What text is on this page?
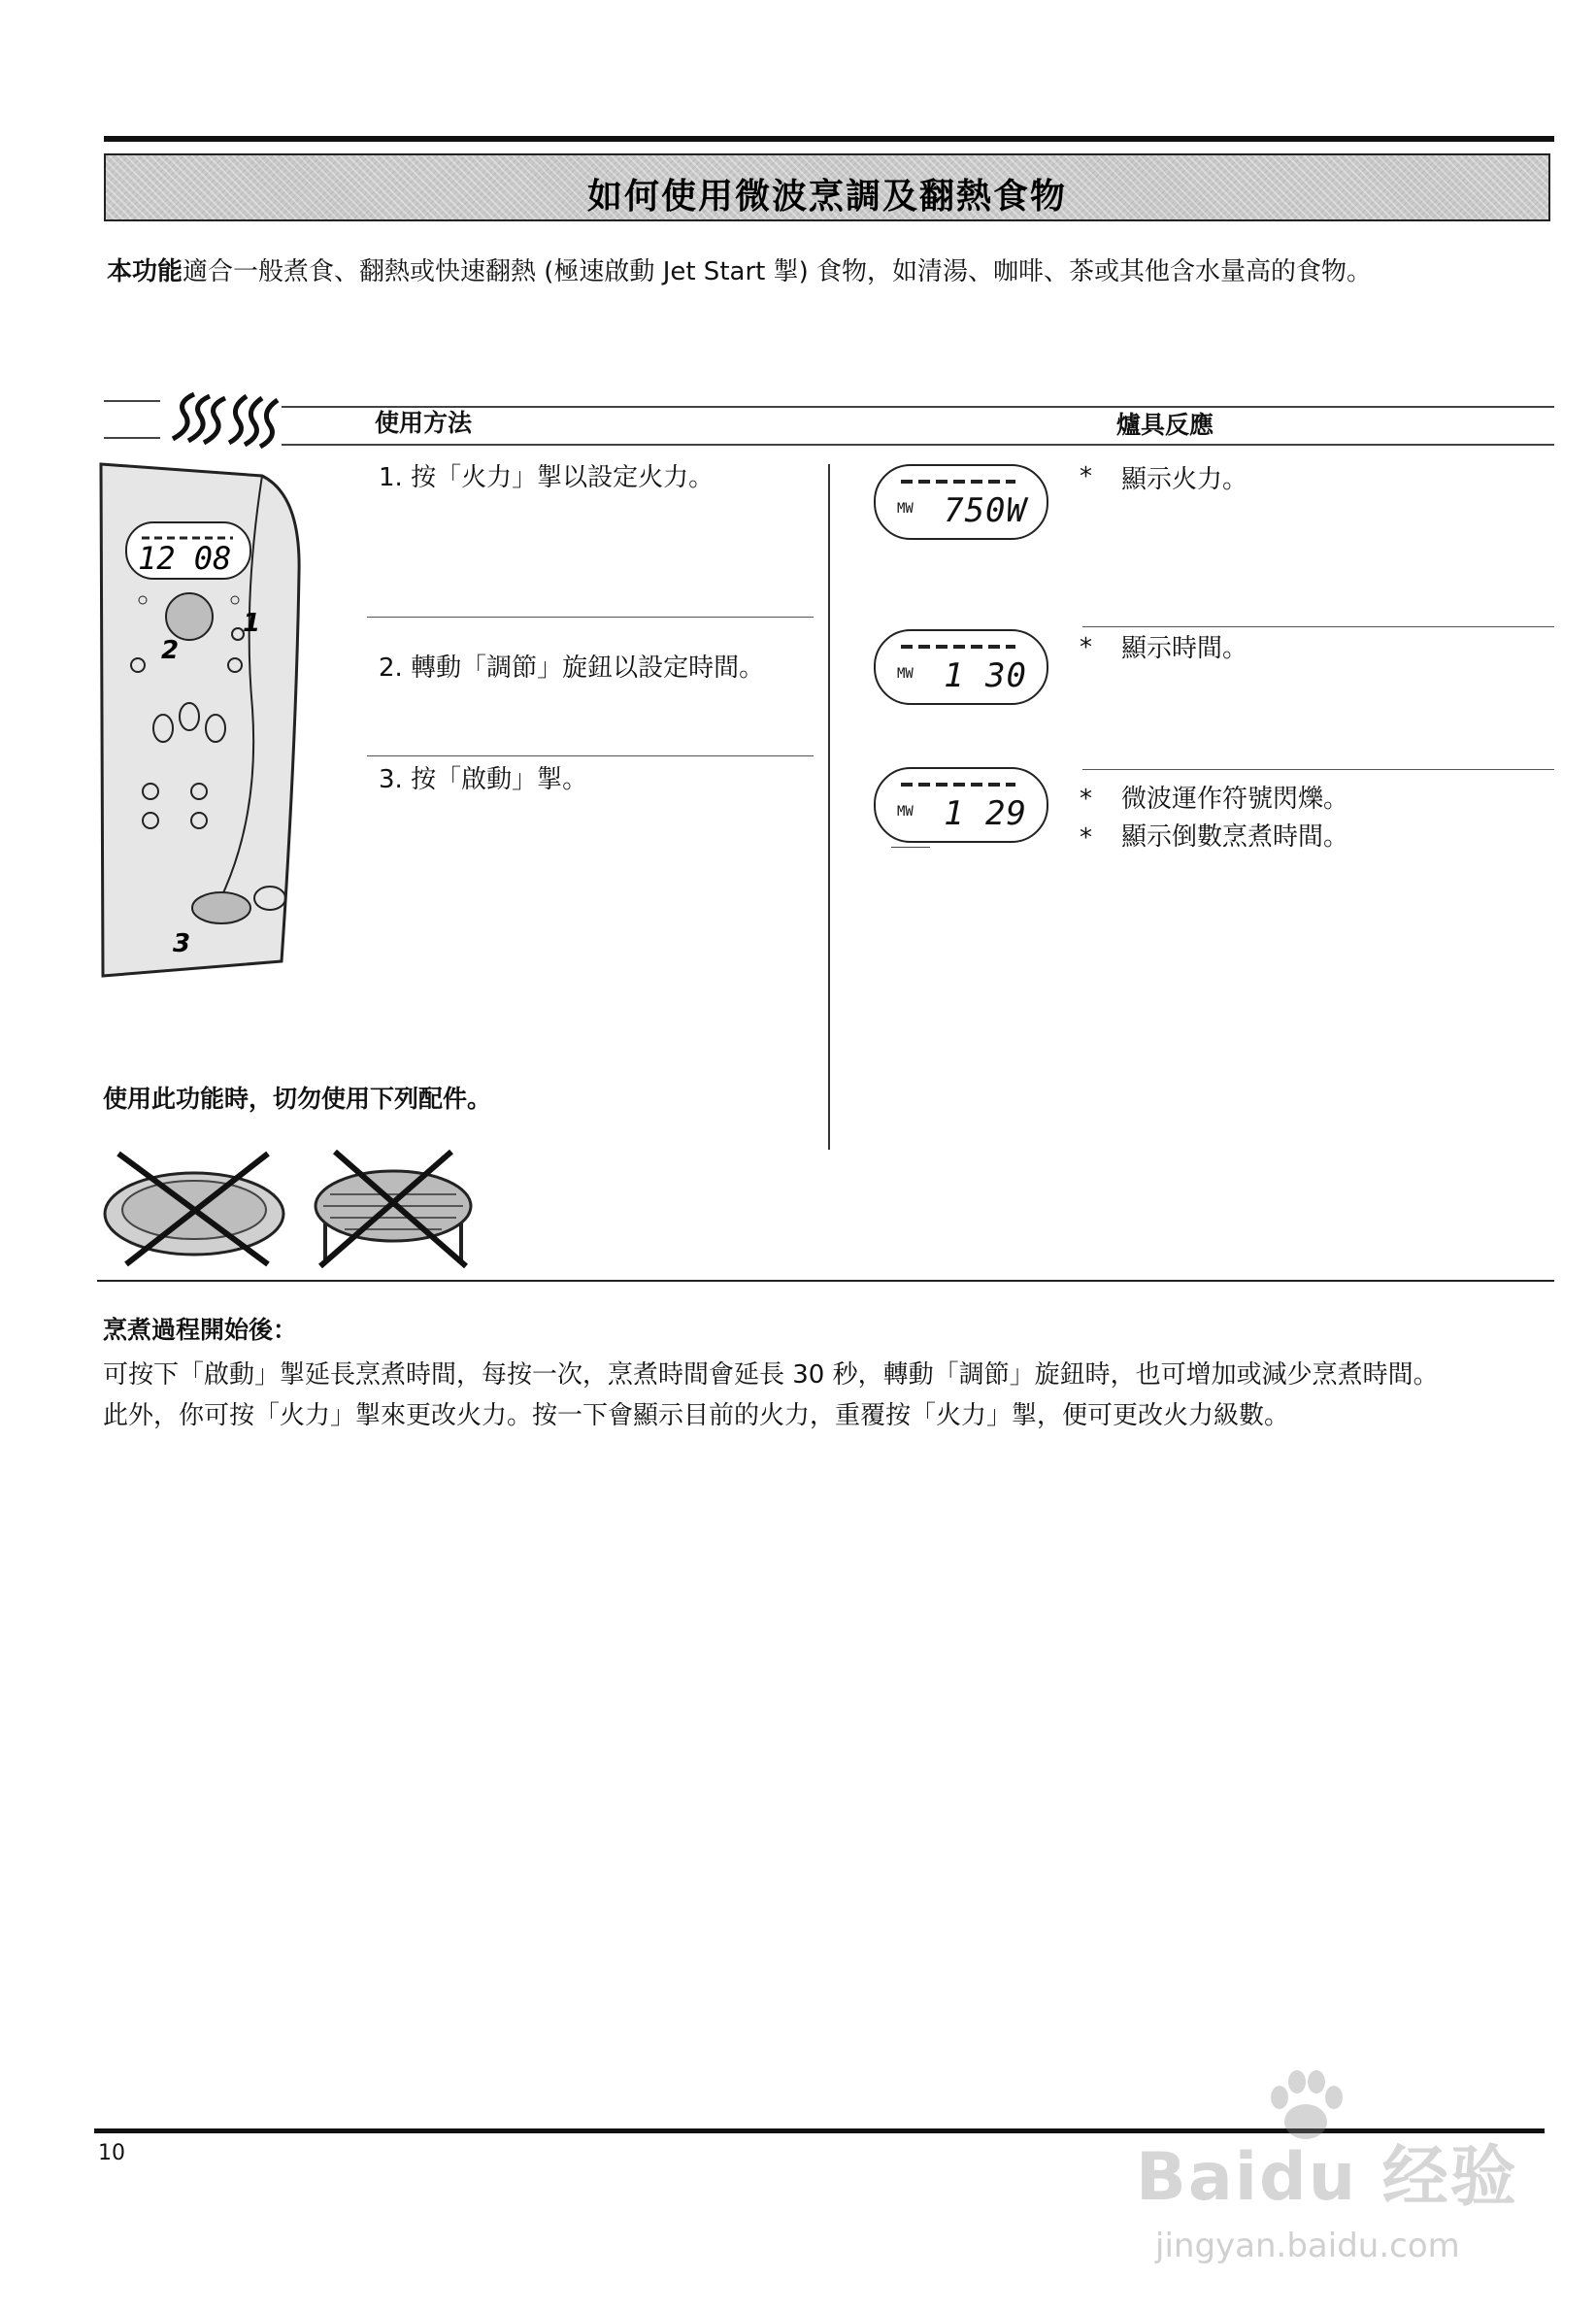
如何使用微波烹調及翻熱食物
本功能適合一般煮食、翻熱或快速翻熱 (極速啟動 Jet Start 掣) 食物，如清湯、咖啡、茶或其他含水量高的食物。
使用方法	爐具反應
12 08
1
2
3
1. 按「火力」掣以設定火力。
2. 轉動「調節」旋鈕以設定時間。
3. 按「啟動」掣。
MW 750W
MW 1 30
MW 1 29
* 顯示火力。
* 顯示時間。
* 微波運作符號閃爍。
* 顯示倒數烹煮時間。
使用此功能時，切勿使用下列配件。
烹煮過程開始後：
可按下「啟動」掣延長烹煮時間，每按一次，烹煮時間會延長 30 秒，轉動「調節」旋鈕時，也可增加或減少烹煮時間。
此外，你可按「火力」掣來更改火力。按一下會顯示目前的火力，重覆按「火力」掣，便可更改火力級數。
10	Baidu 经验
jingyan.baidu.com
